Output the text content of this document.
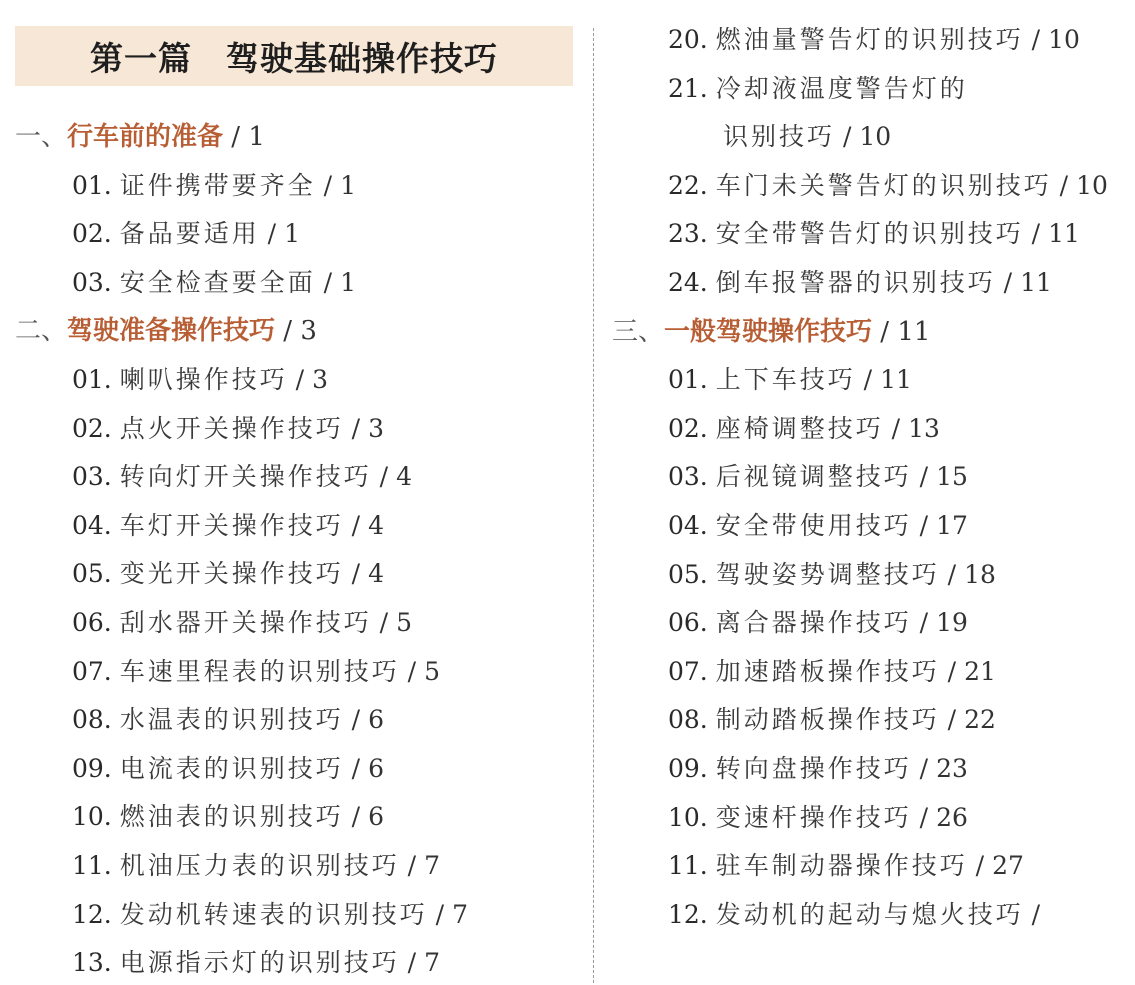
第一篇　驾驶基础操作技巧
一、行车前的准备 / 1
01. 证件携带要齐全 / 1
02. 备品要适用 / 1
03. 安全检查要全面 / 1
二、驾驶准备操作技巧 / 3
01. 喇叭操作技巧 / 3
02. 点火开关操作技巧 / 3
03. 转向灯开关操作技巧 / 4
04. 车灯开关操作技巧 / 4
05. 变光开关操作技巧 / 4
06. 刮水器开关操作技巧 / 5
07. 车速里程表的识别技巧 / 5
08. 水温表的识别技巧 / 6
09. 电流表的识别技巧 / 6
10. 燃油表的识别技巧 / 6
11. 机油压力表的识别技巧 / 7
12. 发动机转速表的识别技巧 / 7
13. 电源指示灯的识别技巧 / 7
20. 燃油量警告灯的识别技巧 / 10
21. 冷却液温度警告灯的
识别技巧 / 10
22. 车门未关警告灯的识别技巧 / 10
23. 安全带警告灯的识别技巧 / 11
24. 倒车报警器的识别技巧 / 11
三、一般驾驶操作技巧 / 11
01. 上下车技巧 / 11
02. 座椅调整技巧 / 13
03. 后视镜调整技巧 / 15
04. 安全带使用技巧 / 17
05. 驾驶姿势调整技巧 / 18
06. 离合器操作技巧 / 19
07. 加速踏板操作技巧 / 21
08. 制动踏板操作技巧 / 22
09. 转向盘操作技巧 / 23
10. 变速杆操作技巧 / 26
11. 驻车制动器操作技巧 / 27
12. 发动机的起动与熄火技巧 /
